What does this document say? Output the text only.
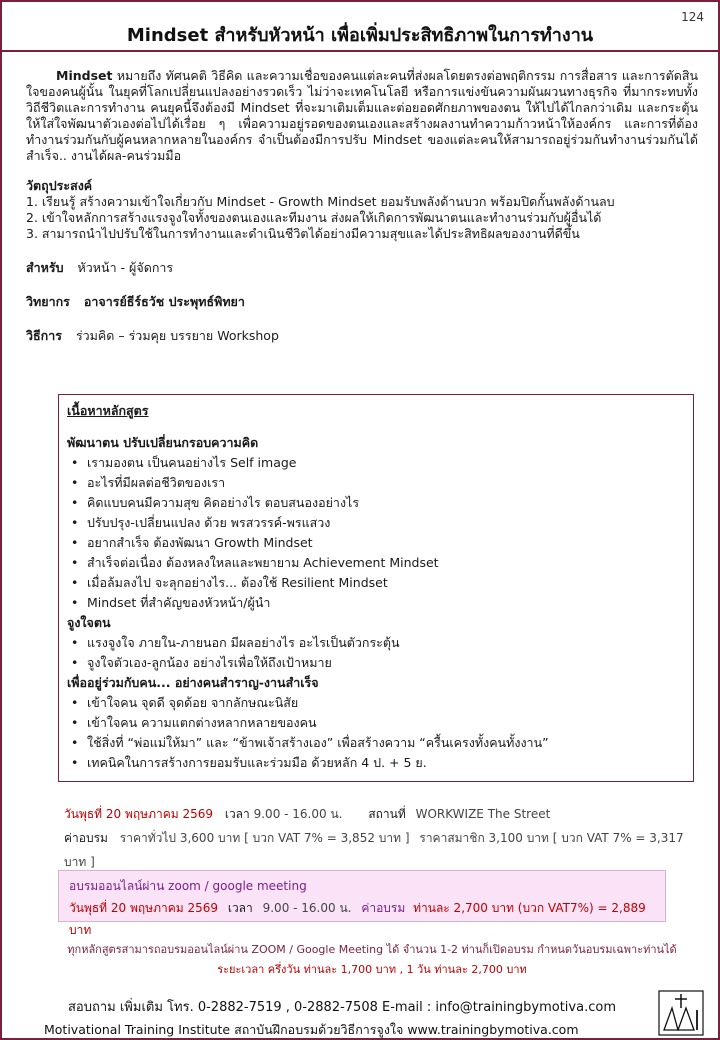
124
Mindset สำหรับหัวหน้า เพื่อเพิ่มประสิทธิภาพในการทำงาน

Mindset หมายถึง ทัศนคติ วิธีคิด และความเชื่อของคนแต่ละคนที่ส่งผลโดยตรงต่อพฤติกรรม การสื่อสาร และการตัดสินใจของคนผู้นั้น ในยุคที่โลกเปลี่ยนแปลงอย่างรวดเร็ว ไม่ว่าจะเทคโนโลยี หรือการแข่งขันความผันผวนทางธุรกิจ ที่มากระทบทั้งวิถีชีวิตและการทำงาน คนยุคนี้จึงต้องมี Mindset ที่จะมาเติมเต็มและต่อยอดศักยภาพของตน ให้ไปได้ไกลกว่าเดิม และกระตุ้นให้ใส่ใจพัฒนาตัวเองต่อไปได้เรื่อย ๆ เพื่อความอยู่รอดของตนเองและสร้างผลงานทำความก้าวหน้าให้องค์กร และการที่ต้องทำงานร่วมกันกับผู้คนหลากหลายในองค์กร จำเป็นต้องมีการปรับ Mindset ของแต่ละคนให้สามารถอยู่ร่วมกันทำงานร่วมกันได้สำเร็จ.. งานได้ผล-คนร่วมมือ

วัตถุประสงค์
1. เรียนรู้ สร้างความเข้าใจเกี่ยวกับ Mindset - Growth Mindset ยอมรับพลังด้านบวก พร้อมปิดกั้นพลังด้านลบ
2. เข้าใจหลักการสร้างแรงจูงใจทั้งของตนเองและทีมงาน ส่งผลให้เกิดการพัฒนาตนและทำงานร่วมกับผู้อื่นได้
3. สามารถนำไปปรับใช้ในการทำงานและดำเนินชีวิตได้อย่างมีความสุขและได้ประสิทธิผลของงานที่ดีขึ้น
สำหรับ หัวหน้า - ผู้จัดการ
วิทยากร อาจารย์ธีร์ธวัช ประพุทธ์พิทยา
วิธีการ ร่วมคิด – ร่วมคุย บรรยาย Workshop
เนื้อหาหลักสูตร
พัฒนาตน ปรับเปลี่ยนกรอบความคิด
• เรามองตน เป็นคนอย่างไร Self image
• อะไรที่มีผลต่อชีวิตของเรา
• คิดแบบคนมีความสุข คิดอย่างไร ตอบสนองอย่างไร
• ปรับปรุง-เปลี่ยนแปลง ด้วย พรสวรรค์-พรแสวง
• อยากสำเร็จ ต้องพัฒนา Growth Mindset
• สำเร็จต่อเนื่อง ต้องหลงใหลและพยายาม Achievement Mindset
• เมื่อล้มลงไป จะลุกอย่างไร... ต้องใช้ Resilient Mindset
• Mindset ที่สำคัญของหัวหน้า/ผู้นำ
จูงใจตน
• แรงจูงใจ ภายใน-ภายนอก มีผลอย่างไร อะไรเป็นตัวกระตุ้น
• จูงใจตัวเอง-ลูกน้อง อย่างไรเพื่อให้ถึงเป้าหมาย
เพื่ออยู่ร่วมกับคน... อย่างคนสำราญ-งานสำเร็จ
• เข้าใจคน จุดดี จุดด้อย จากลักษณะนิสัย
• เข้าใจคน ความแตกต่างหลากหลายของคน
• ใช้สิ่งที่ “พ่อแม่ให้มา” และ “ข้าพเจ้าสร้างเอง” เพื่อสร้างความ “ครื้นเครงทั้งคนทั้งงาน”
• เทคนิคในการสร้างการยอมรับและร่วมมือ ด้วยหลัก 4 ป. + 5 ย.
วันพุธที่ 20 พฤษภาคม 2569 เวลา 9.00 - 16.00 น. สถานที่ WORKWIZE The Street
ค่าอบรม ราคาทั่วไป 3,600 บาท [ บวก VAT 7% = 3,852 บาท ] ราคาสมาชิก 3,100 บาท [ บวก VAT 7% = 3,317 บาท ]
อบรมออนไลน์ผ่าน zoom / google meeting
วันพุธที่ 20 พฤษภาคม 2569 เวลา 9.00 - 16.00 น. ค่าอบรม ท่านละ 2,700 บาท (บวก VAT7%) = 2,889 บาท
ทุกหลักสูตรสามารถอบรมออนไลน์ผ่าน ZOOM / Google Meeting ได้ จำนวน 1-2 ท่านก็เปิดอบรม กำหนดวันอบรมเฉพาะท่านได้
ระยะเวลา ครึ่งวัน ท่านละ 1,700 บาท , 1 วัน ท่านละ 2,700 บาท
สอบถาม เพิ่มเติม โทร. 0-2882-7519 , 0-2882-7508 E-mail : info@trainingbymotiva.com
Motivational Training Institute สถาบันฝึกอบรมด้วยวิธีการจูงใจ www.trainingbymotiva.com
